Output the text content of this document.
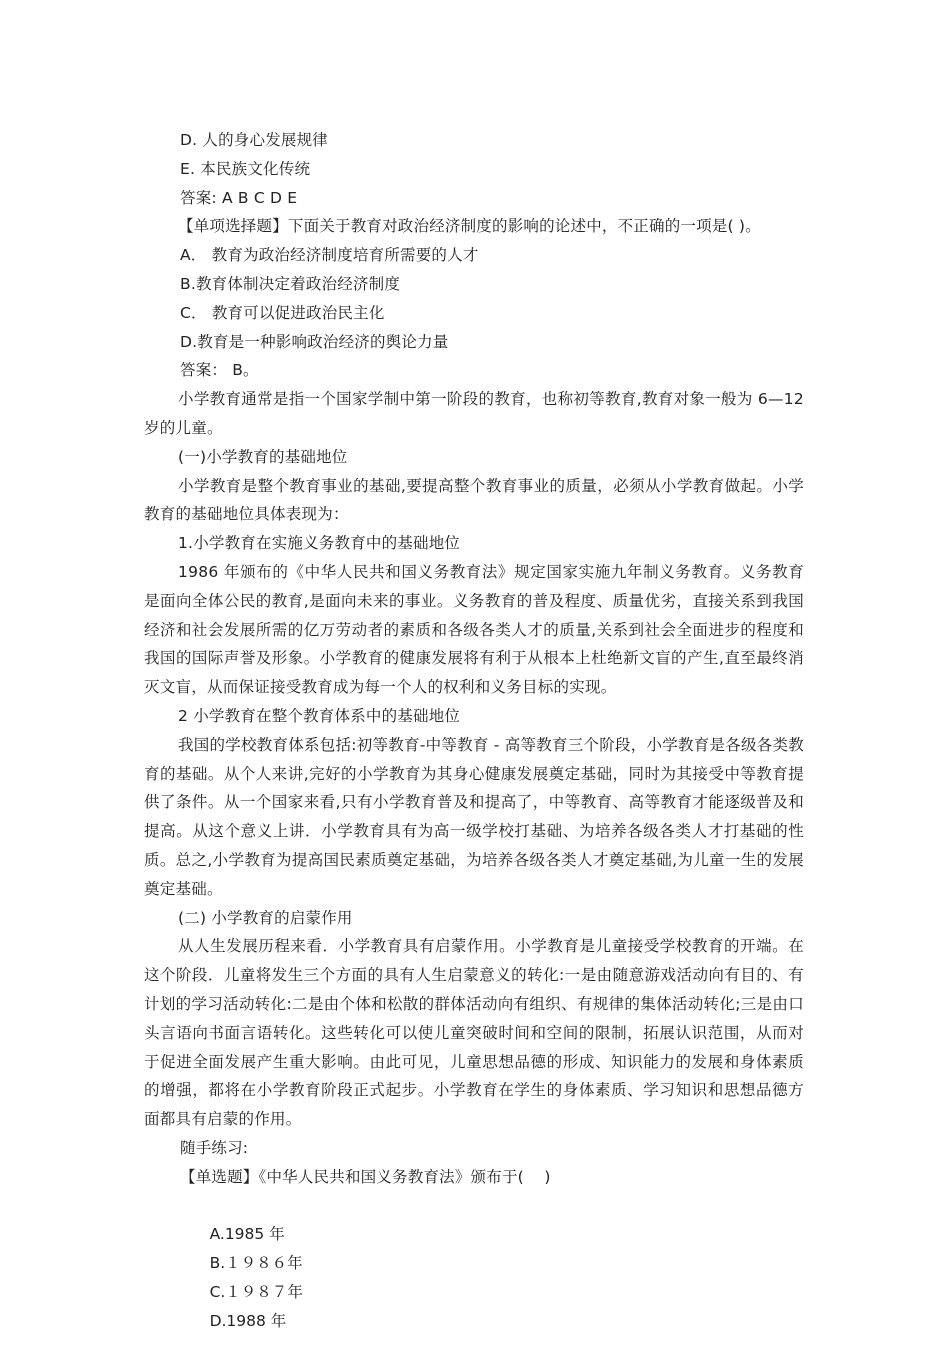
D. 人的身心发展规律
E. 本民族文化传统
答案: A B C D E
【单项选择题】下面关于教育对政治经济制度的影响的论述中，不正确的一项是( )。
A． 教育为政治经济制度培育所需要的人才
B.教育体制决定着政治经济制度
C． 教育可以促进政治民主化
D.教育是一种影响政治经济的舆论力量
答案： B。

小学教育通常是指一个国家学制中第一阶段的教育，也称初等教育,教育对象一般为 6—12 岁的儿童。

(一)小学教育的基础地位

小学教育是整个教育事业的基础,要提高整个教育事业的质量，必须从小学教育做起。小学教育的基础地位具体表现为：

1.小学教育在实施义务教育中的基础地位

1986 年颁布的《中华人民共和国义务教育法》规定国家实施九年制义务教育。义务教育是面向全体公民的教育,是面向未来的事业。义务教育的普及程度、质量优劣，直接关系到我国经济和社会发展所需的亿万劳动者的素质和各级各类人才的质量,关系到社会全面进步的程度和我国的国际声誉及形象。小学教育的健康发展将有利于从根本上杜绝新文盲的产生,直至最终消灭文盲，从而保证接受教育成为每一个人的权利和义务目标的实现。

2 小学教育在整个教育体系中的基础地位

我国的学校教育体系包括:初等教育-中等教育 - 高等教育三个阶段，小学教育是各级各类教育的基础。从个人来讲,完好的小学教育为其身心健康发展奠定基础，同时为其接受中等教育提供了条件。从一个国家来看,只有小学教育普及和提高了，中等教育、高等教育才能逐级普及和提高。从这个意义上讲．小学教育具有为高一级学校打基础、为培养各级各类人才打基础的性质。总之,小学教育为提高国民素质奠定基础，为培养各级各类人才奠定基础,为儿童一生的发展奠定基础。

(二) 小学教育的启蒙作用

从人生发展历程来看．小学教育具有启蒙作用。小学教育是儿童接受学校教育的开端。在这个阶段．儿童将发生三个方面的具有人生启蒙意义的转化:一是由随意游戏活动向有目的、有计划的学习活动转化:二是由个体和松散的群体活动向有组织、有规律的集体活动转化;三是由口头言语向书面言语转化。这些转化可以使儿童突破时间和空间的限制，拓展认识范围，从而对于促进全面发展产生重大影响。由此可见，儿童思想品德的形成、知识能力的发展和身体素质的增强，都将在小学教育阶段正式起步。小学教育在学生的身体素质、学习知识和思想品德方面都具有启蒙的作用。

随手练习:
【单选题】《中华人民共和国义务教育法》颁布于(    )

A.1985 年
B.１９８６年
C.１９８７年
D.1988 年
